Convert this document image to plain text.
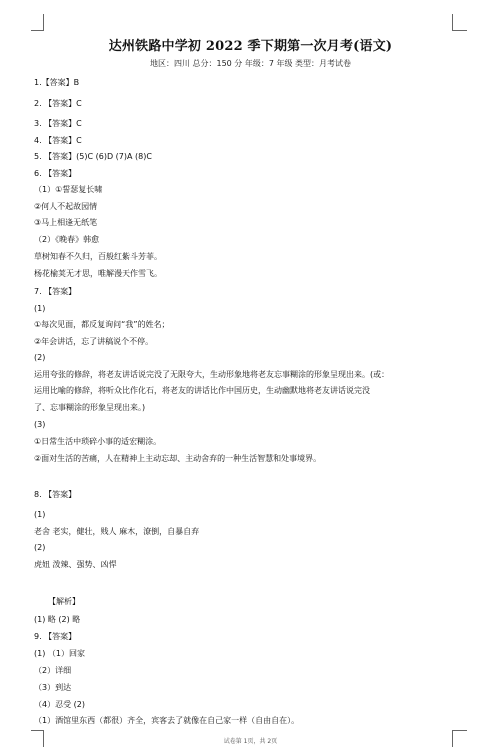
达州铁路中学初 2022 季下期第一次月考(语文)
地区：四川 总分：150 分 年级：7 年级 类型：月考试卷
1.【答案】B
2. 【答案】C
3. 【答案】C
4. 【答案】C
5. 【答案】(5)C (6)D (7)A (8)C
6. 【答案】
（1）①誓瑟复长啸
②何人不起故园情
③马上相逢无纸笔
（2）《晚春》韩愈
草树知春不久归，百般红紫斗芳菲。
杨花榆荚无才思，唯解漫天作雪飞。
7. 【答案】
(1)
①每次见面，都反复询问“我”的姓名；
②年会讲话，忘了讲稿说个不停。
(2)
运用夸张的修辞，将老友讲话说完没了无限夸大，生动形象地将老友忘事糊涂的形象呈现出来。(或：
运用比喻的修辞，将听众比作化石，将老友的讲话比作中国历史，生动幽默地将老友讲话说完没
了、忘事糊涂的形象呈现出来。)
(3)
①日常生活中琐碎小事的适宏糊涂。
②面对生活的苦痛，人在精神上主动忘却、主动舍弃的一种生活智慧和处事境界。
8. 【答案】
(1)
老舍 老实，健壮，贱人 麻木，潦倒，自暴自弃
(2)
虎妞 泼辣、强势、凶悍
【解析】
(1) 略 (2) 略
9. 【答案】
(1) （1）回家
（2）详细
（3）到达
（4）忍受 (2)
（1）酒馆里东西（都很）齐全，宾客去了就像在自己家一样（自由自在）。
试卷第 1页，共 2页
